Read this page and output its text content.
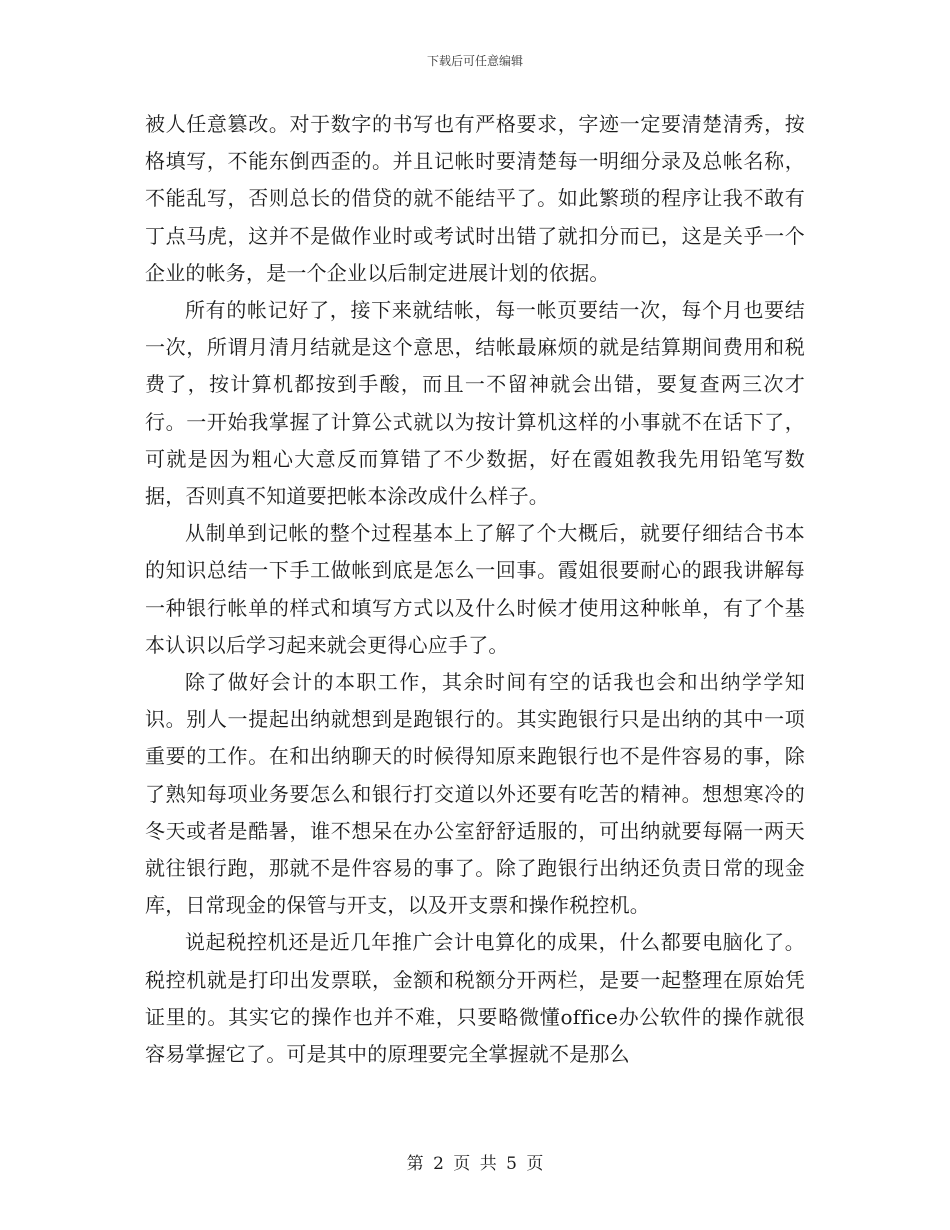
下载后可任意编辑

被人任意篡改。对于数字的书写也有严格要求，字迹一定要清楚清秀，按格填写，不能东倒西歪的。并且记帐时要清楚每一明细分录及总帐名称，不能乱写，否则总长的借贷的就不能结平了。如此繁琐的程序让我不敢有丁点马虎，这并不是做作业时或考试时出错了就扣分而已，这是关乎一个企业的帐务，是一个企业以后制定进展计划的依据。

所有的帐记好了，接下来就结帐，每一帐页要结一次，每个月也要结一次，所谓月清月结就是这个意思，结帐最麻烦的就是结算期间费用和税费了，按计算机都按到手酸，而且一不留神就会出错，要复查两三次才行。一开始我掌握了计算公式就以为按计算机这样的小事就不在话下了，可就是因为粗心大意反而算错了不少数据，好在霞姐教我先用铅笔写数据，否则真不知道要把帐本涂改成什么样子。

从制单到记帐的整个过程基本上了解了个大概后，就要仔细结合书本的知识总结一下手工做帐到底是怎么一回事。霞姐很要耐心的跟我讲解每一种银行帐单的样式和填写方式以及什么时候才使用这种帐单，有了个基本认识以后学习起来就会更得心应手了。

除了做好会计的本职工作，其余时间有空的话我也会和出纳学学知识。别人一提起出纳就想到是跑银行的。其实跑银行只是出纳的其中一项重要的工作。在和出纳聊天的时候得知原来跑银行也不是件容易的事，除了熟知每项业务要怎么和银行打交道以外还要有吃苦的精神。想想寒冷的冬天或者是酷暑，谁不想呆在办公室舒舒适服的，可出纳就要每隔一两天就往银行跑，那就不是件容易的事了。除了跑银行出纳还负责日常的现金库，日常现金的保管与开支，以及开支票和操作税控机。

说起税控机还是近几年推广会计电算化的成果，什么都要电脑化了。税控机就是打印出发票联，金额和税额分开两栏，是要一起整理在原始凭证里的。其实它的操作也并不难，只要略微懂office办公软件的操作就很容易掌握它了。可是其中的原理要完全掌握就不是那么

第 2 页 共 5 页
